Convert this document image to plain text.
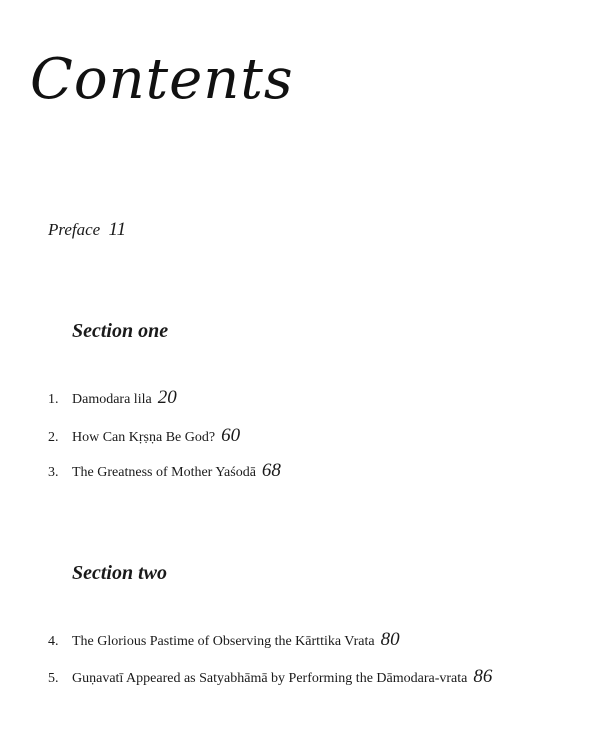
Contents
Preface 11
Section one
1. Damodara lila 20
2. How Can Kṛṣṇa Be God? 60
3. The Greatness of Mother Yaśodā 68
Section two
4. The Glorious Pastime of Observing the Kārttika Vrata 80
5. Guṇavatī Appeared as Satyabhāmā by Performing the Dāmodara-vrata 86
